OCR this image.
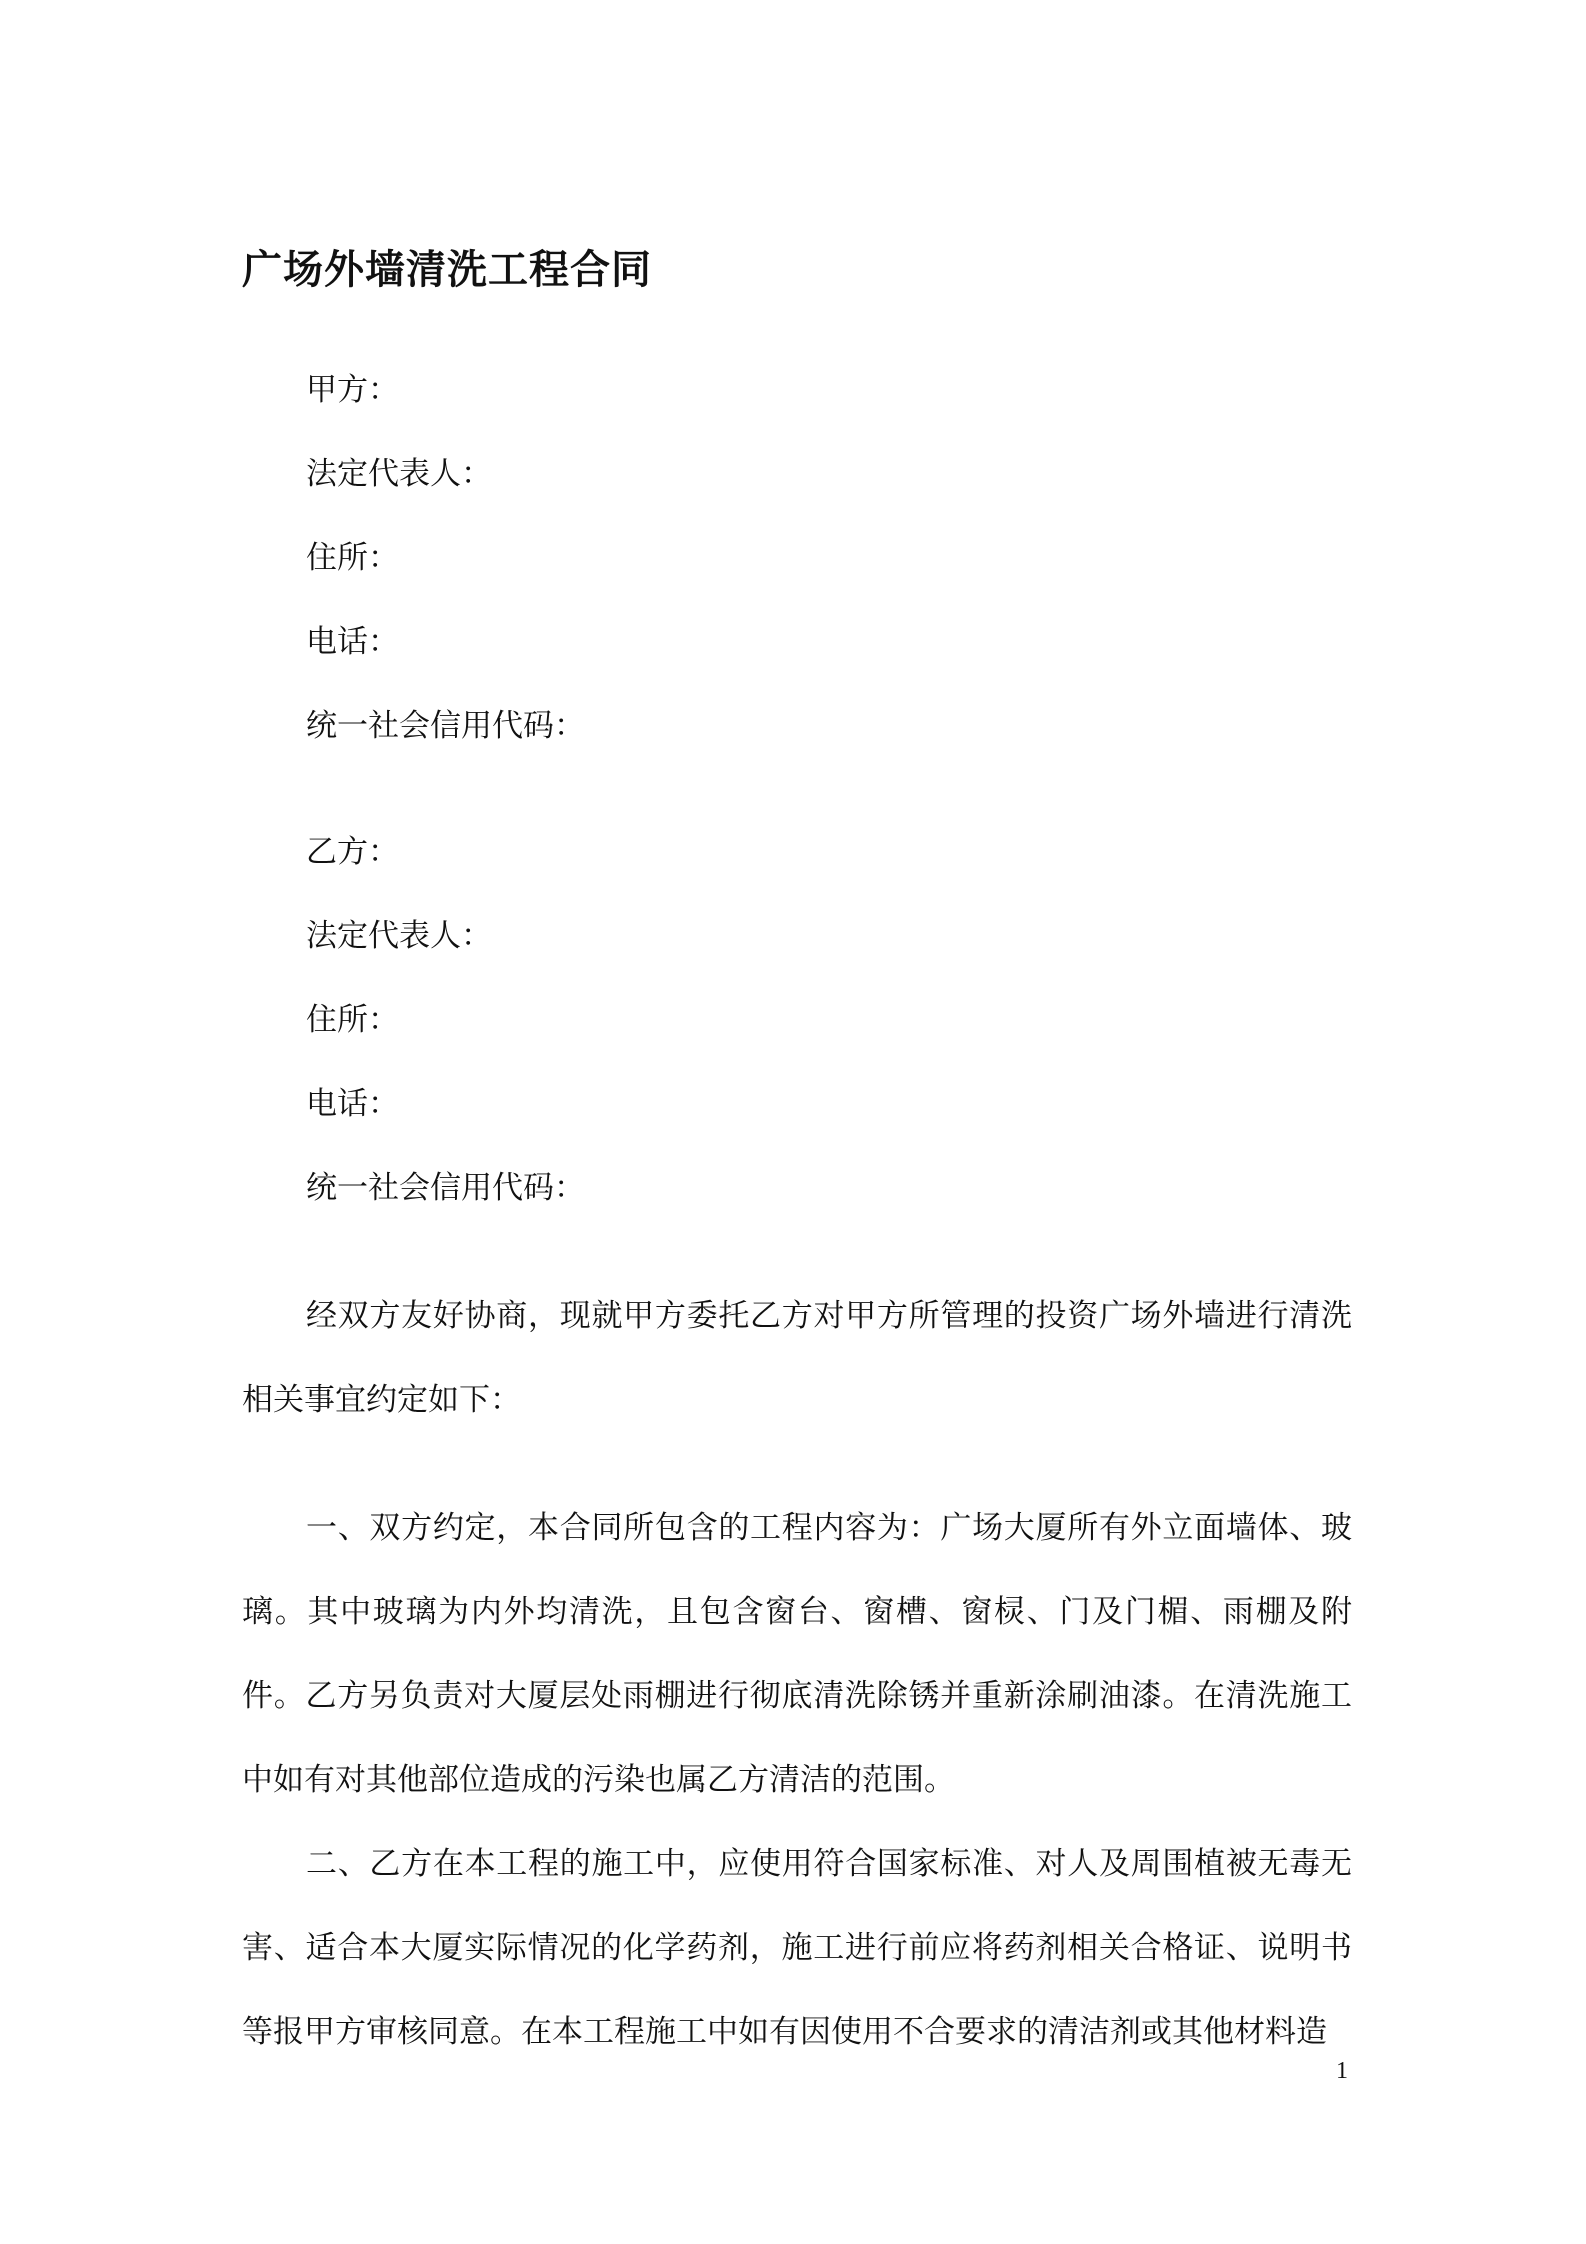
广场外墙清洗工程合同
甲方：
法定代表人：
住所：
电话：
统一社会信用代码：
乙方：
法定代表人：
住所：
电话：
统一社会信用代码：

经双方友好协商，现就甲方委托乙方对甲方所管理的投资广场外墙进行清洗相关事宜约定如下：

一、双方约定，本合同所包含的工程内容为：广场大厦所有外立面墙体、玻璃。其中玻璃为内外均清洗，且包含窗台、窗槽、窗棂、门及门楣、雨棚及附件。乙方另负责对大厦层处雨棚进行彻底清洗除锈并重新涂刷油漆。在清洗施工中如有对其他部位造成的污染也属乙方清洁的范围。

二、乙方在本工程的施工中，应使用符合国家标准、对人及周围植被无毒无害、适合本大厦实际情况的化学药剂，施工进行前应将药剂相关合格证、说明书等报甲方审核同意。在本工程施工中如有因使用不合要求的清洁剂或其他材料造

1
